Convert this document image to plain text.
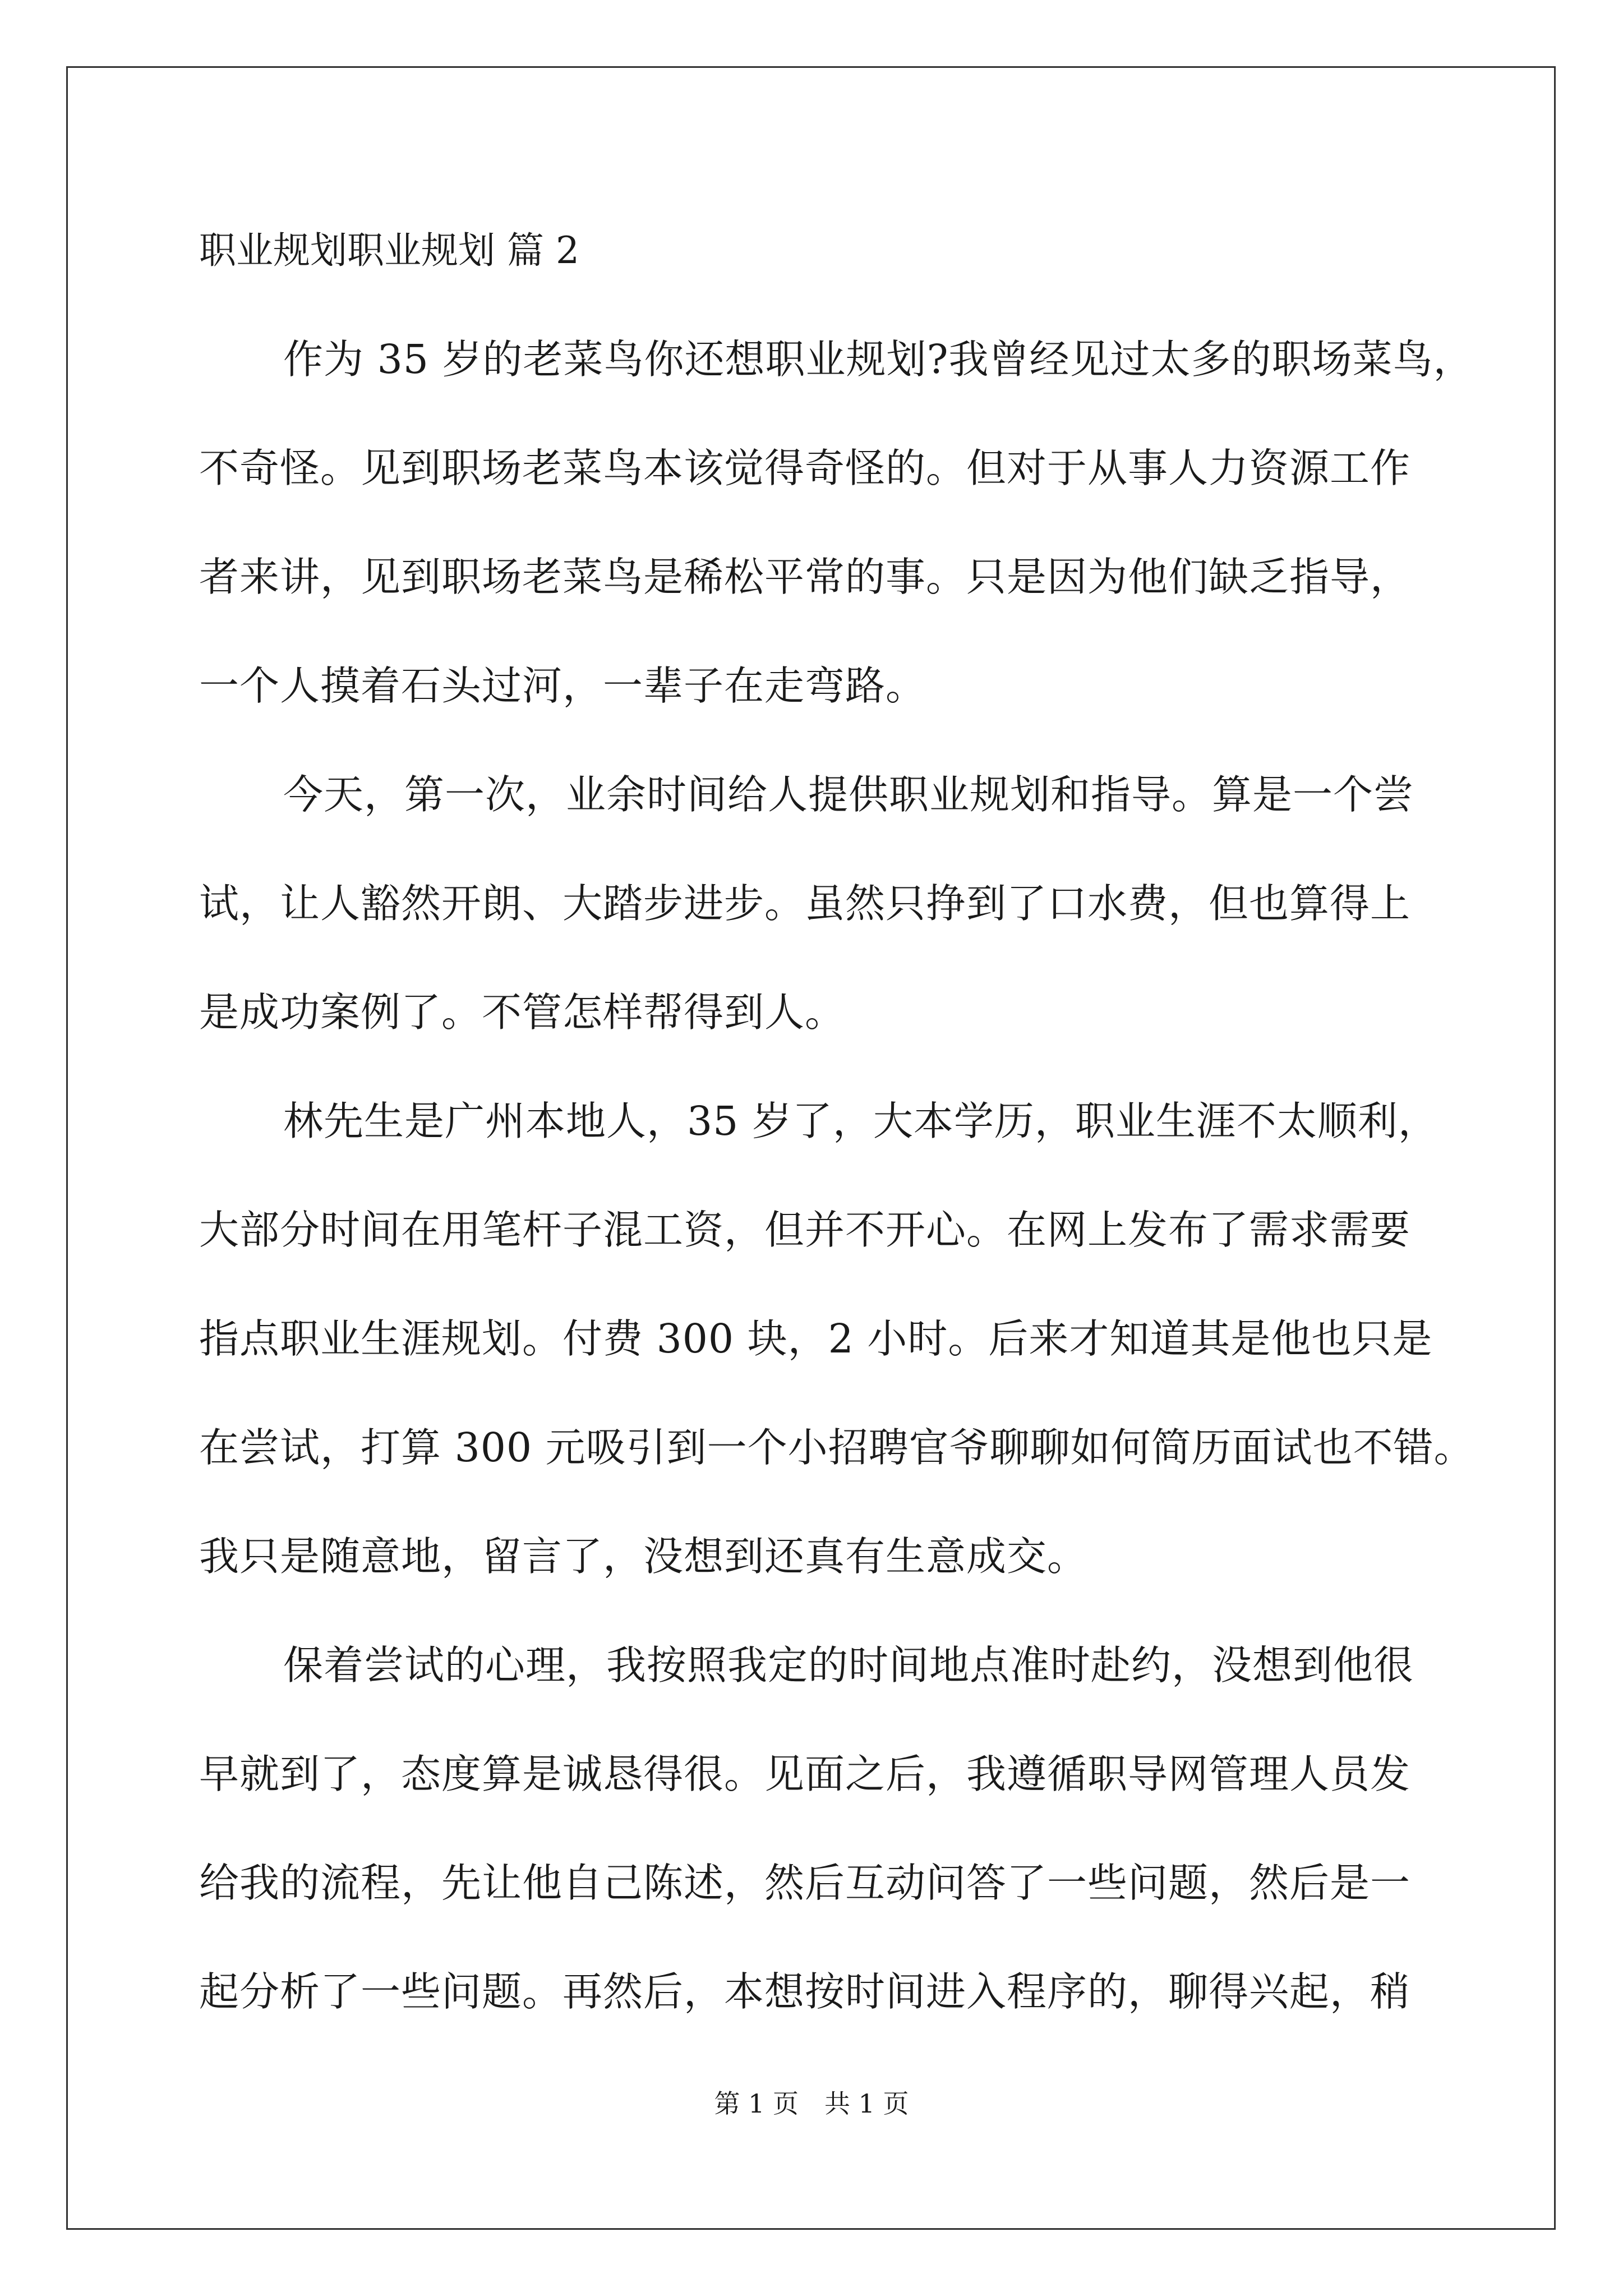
职业规划职业规划 篇 2
作为 35 岁的老菜鸟你还想职业规划?我曾经见过太多的职场菜鸟，
不奇怪。见到职场老菜鸟本该觉得奇怪的。但对于从事人力资源工作
者来讲，见到职场老菜鸟是稀松平常的事。只是因为他们缺乏指导，
一个人摸着石头过河，一辈子在走弯路。
今天，第一次，业余时间给人提供职业规划和指导。算是一个尝
试，让人豁然开朗、大踏步进步。虽然只挣到了口水费，但也算得上
是成功案例了。不管怎样帮得到人。
林先生是广州本地人，35 岁了，大本学历，职业生涯不太顺利，
大部分时间在用笔杆子混工资，但并不开心。在网上发布了需求需要
指点职业生涯规划。付费 300 块，2 小时。后来才知道其是他也只是
在尝试，打算 300 元吸引到一个小招聘官爷聊聊如何简历面试也不错。
我只是随意地，留言了，没想到还真有生意成交。
保着尝试的心理，我按照我定的时间地点准时赴约，没想到他很
早就到了，态度算是诚恳得很。见面之后，我遵循职导网管理人员发
给我的流程，先让他自己陈述，然后互动问答了一些问题，然后是一
起分析了一些问题。再然后，本想按时间进入程序的，聊得兴起，稍
第 1 页　共 1 页
